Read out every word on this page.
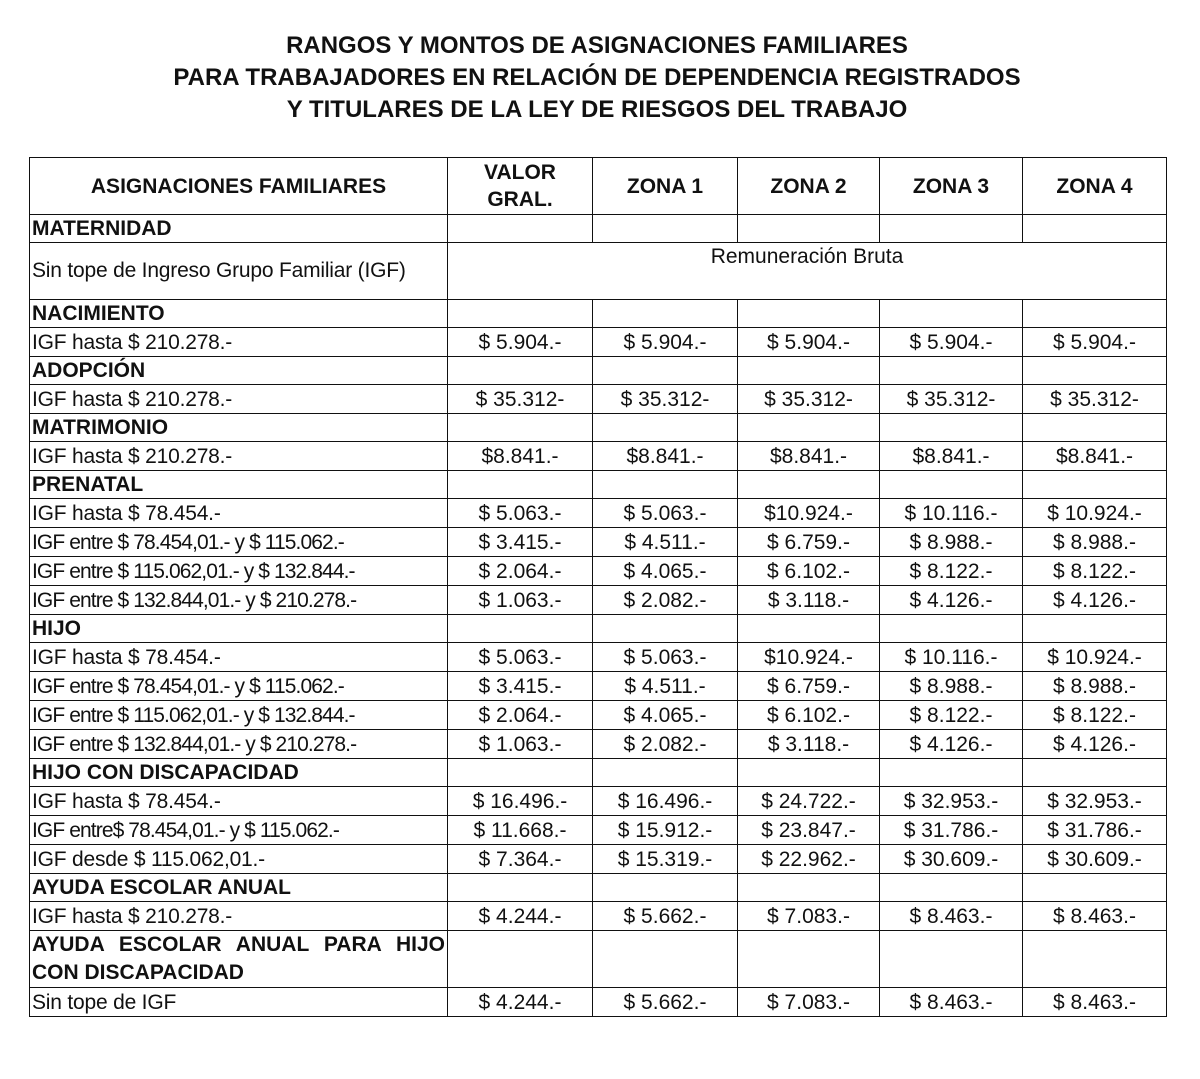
RANGOS Y MONTOS DE ASIGNACIONES FAMILIARES
PARA TRABAJADORES EN RELACIÓN DE DEPENDENCIA REGISTRADOS
Y TITULARES DE LA LEY DE RIESGOS DEL TRABAJO
ASIGNACIONES FAMILIARES	VALOR GRAL.	ZONA 1	ZONA 2	ZONA 3	ZONA 4
MATERNIDAD					
Sin tope de Ingreso Grupo Familiar (IGF)	Remuneración Bruta				
NACIMIENTO					
IGF hasta $ 210.278.-	$ 5.904.-	$ 5.904.-	$ 5.904.-	$ 5.904.-	$ 5.904.-
ADOPCIÓN					
IGF hasta $ 210.278.-	$ 35.312-	$ 35.312-	$ 35.312-	$ 35.312-	$ 35.312-
MATRIMONIO					
IGF hasta $ 210.278.-	$8.841.-	$8.841.-	$8.841.-	$8.841.-	$8.841.-
PRENATAL					
IGF hasta $ 78.454.-	$ 5.063.-	$ 5.063.-	$10.924.-	$ 10.116.-	$ 10.924.-
IGF entre $ 78.454,01.- y $ 115.062.-	$ 3.415.-	$ 4.511.-	$ 6.759.-	$ 8.988.-	$ 8.988.-
IGF entre $ 115.062,01.- y $ 132.844.-	$ 2.064.-	$ 4.065.-	$ 6.102.-	$ 8.122.-	$ 8.122.-
IGF entre $ 132.844,01.- y $ 210.278.-	$ 1.063.-	$ 2.082.-	$ 3.118.-	$ 4.126.-	$ 4.126.-
HIJO					
IGF hasta $ 78.454.-	$ 5.063.-	$ 5.063.-	$10.924.-	$ 10.116.-	$ 10.924.-
IGF entre $ 78.454,01.- y $ 115.062.-	$ 3.415.-	$ 4.511.-	$ 6.759.-	$ 8.988.-	$ 8.988.-
IGF entre $ 115.062,01.- y $ 132.844.-	$ 2.064.-	$ 4.065.-	$ 6.102.-	$ 8.122.-	$ 8.122.-
IGF entre $ 132.844,01.- y $ 210.278.-	$ 1.063.-	$ 2.082.-	$ 3.118.-	$ 4.126.-	$ 4.126.-
HIJO CON DISCAPACIDAD					
IGF hasta $ 78.454.-	$ 16.496.-	$ 16.496.-	$ 24.722.-	$ 32.953.-	$ 32.953.-
IGF entre$ 78.454,01.- y $ 115.062.-	$ 11.668.-	$ 15.912.-	$ 23.847.-	$ 31.786.-	$ 31.786.-
IGF desde $ 115.062,01.-	$ 7.364.-	$ 15.319.-	$ 22.962.-	$ 30.609.-	$ 30.609.-
AYUDA ESCOLAR ANUAL					
IGF hasta $ 210.278.-	$ 4.244.-	$ 5.662.-	$ 7.083.-	$ 8.463.-	$ 8.463.-
AYUDA ESCOLAR ANUAL PARA HIJO CON DISCAPACIDAD					
Sin tope de IGF	$ 4.244.-	$ 5.662.-	$ 7.083.-	$ 8.463.-	$ 8.463.-
